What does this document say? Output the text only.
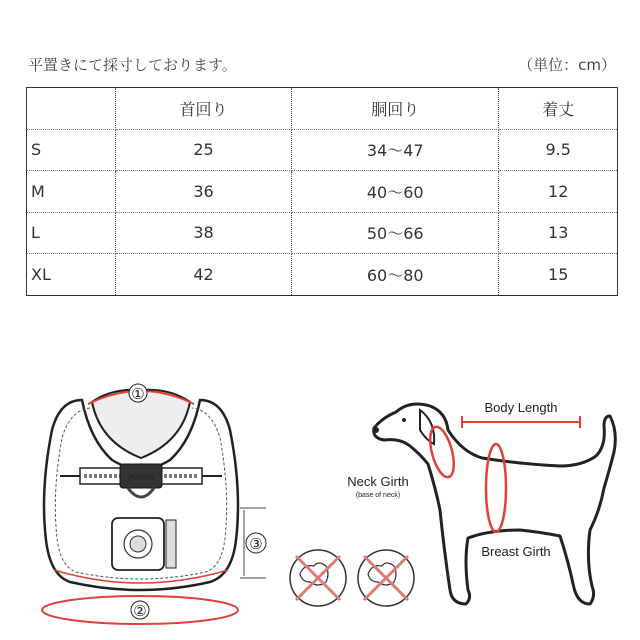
平置きにて採寸しております。	（単位：cm）
	首回り	胴回り	着丈
S	25	34～47	9.5
M	36	40～60	12
L	38	50～66	13
XL	42	60～80	15
PUPPIA
①
②
③
Body Length
Neck Girth
(base of neck)
Breast Girth
